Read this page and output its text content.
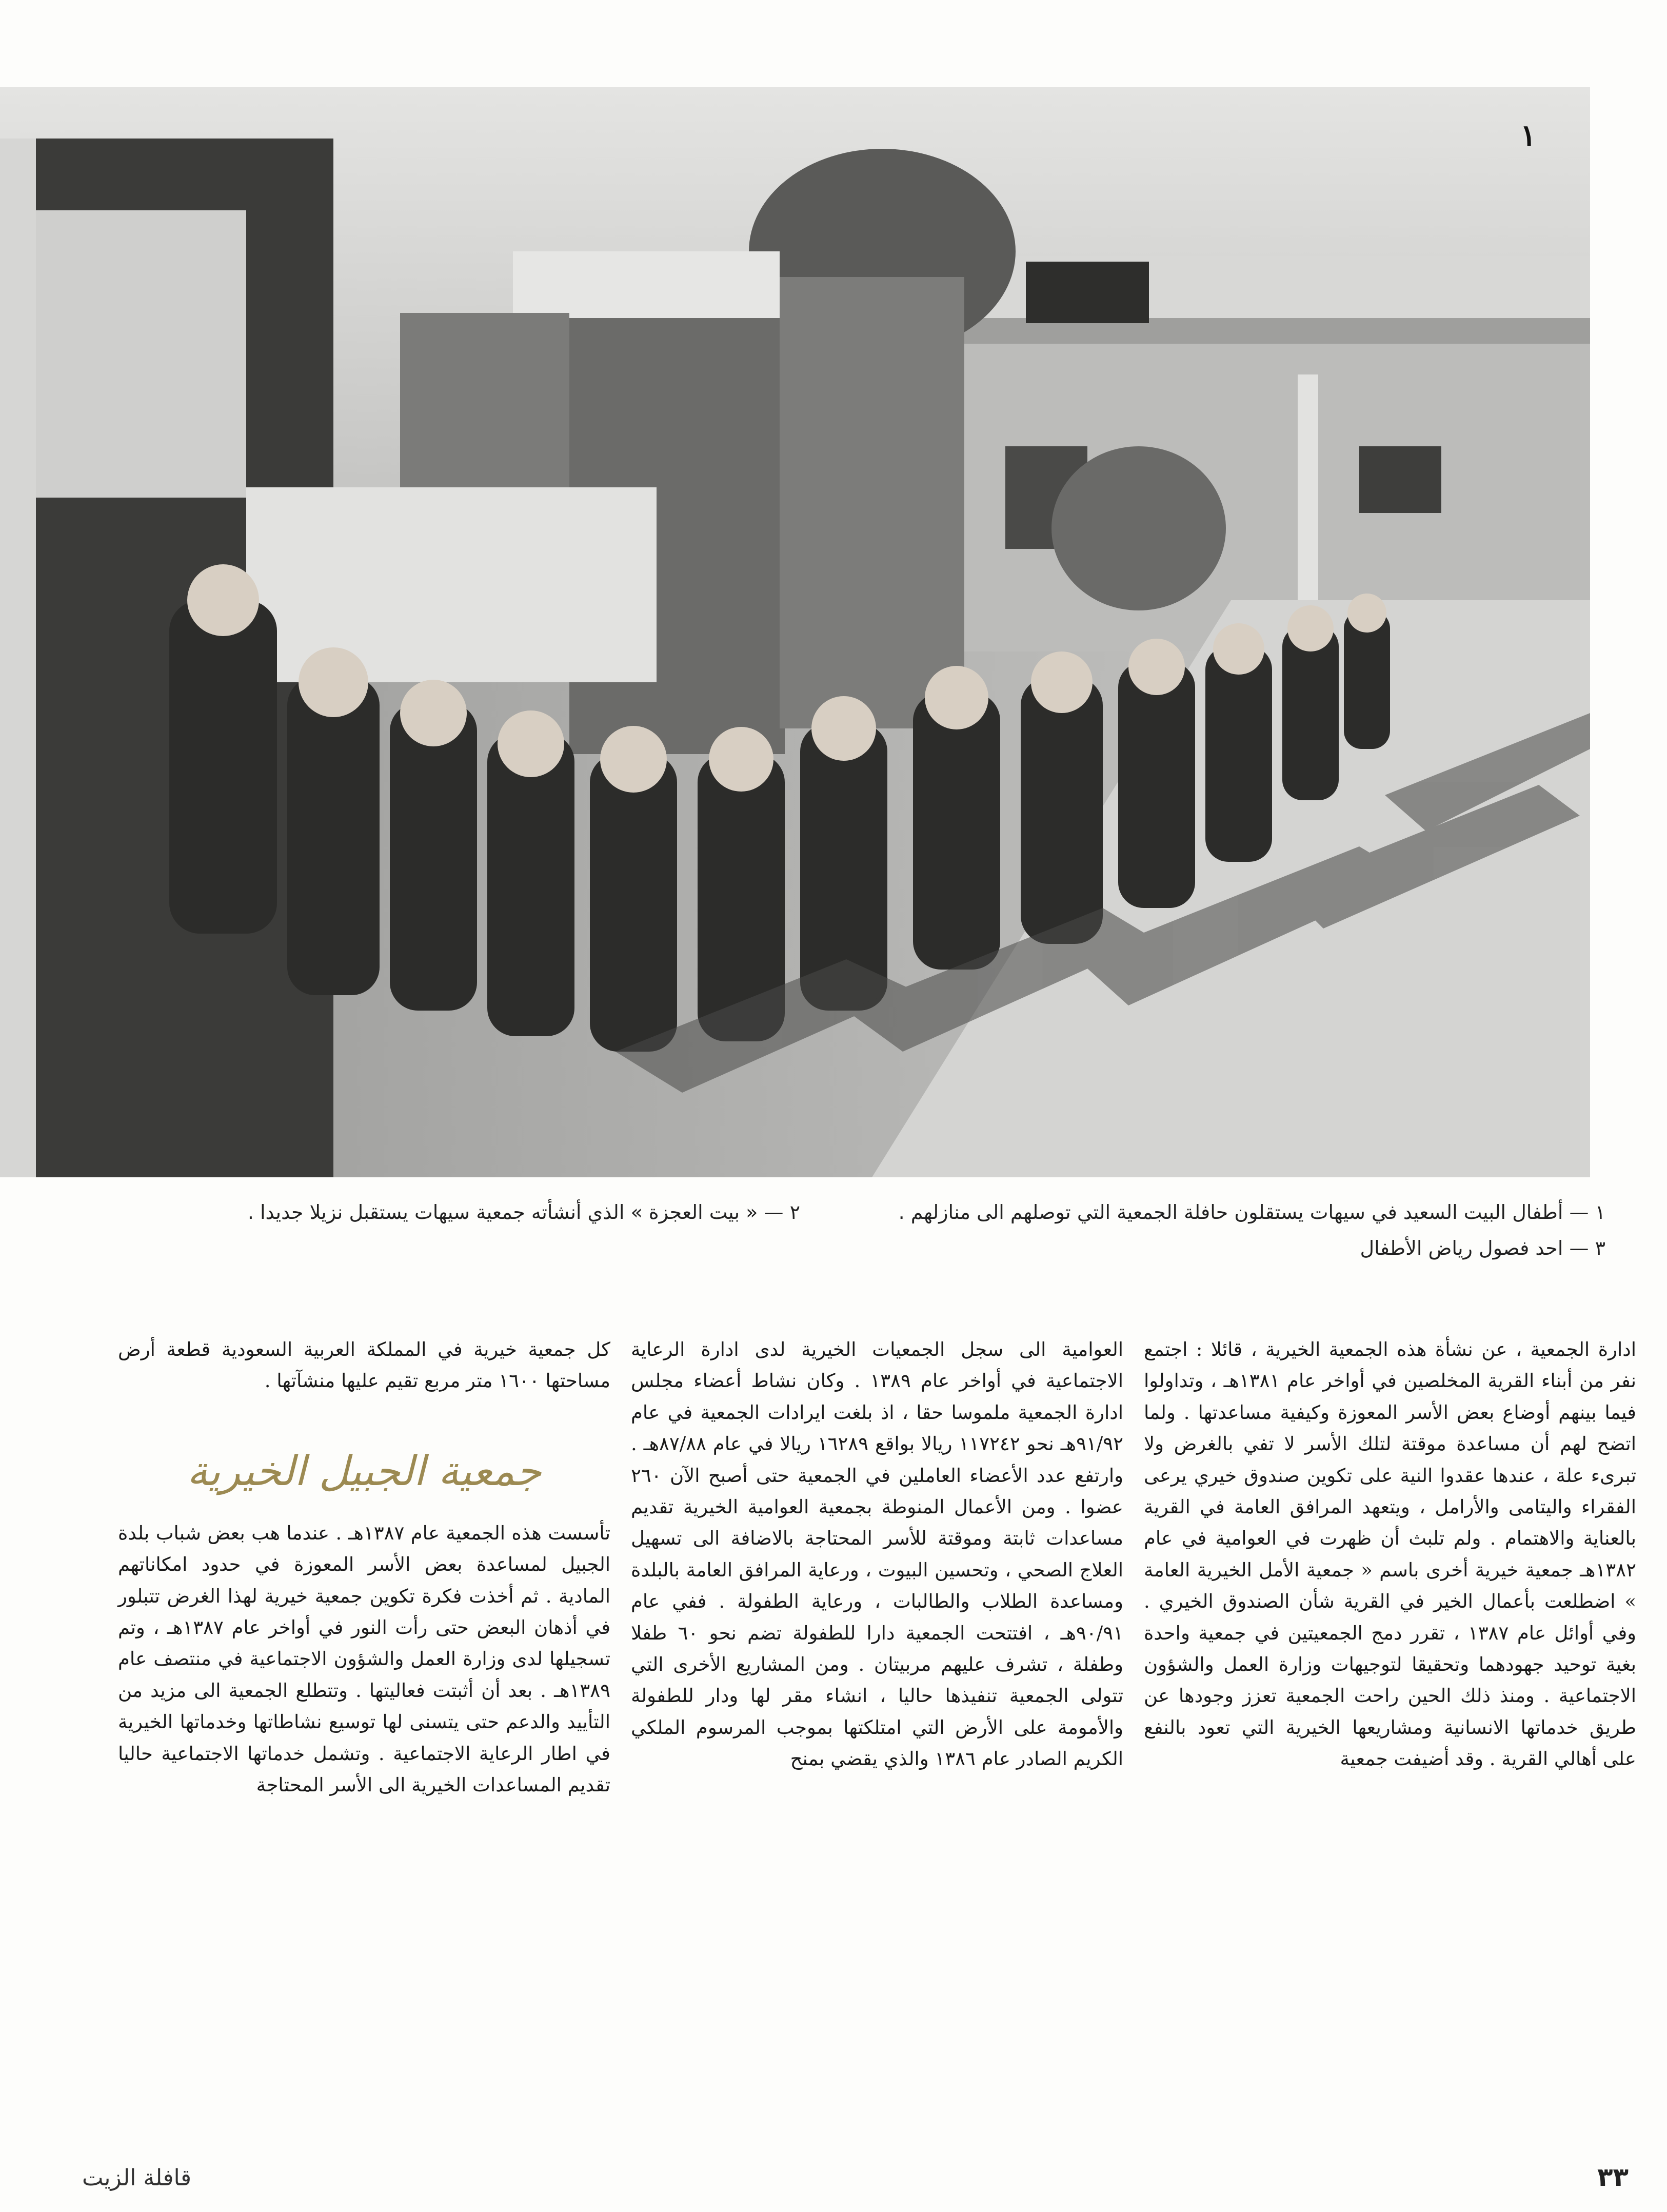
١
١ — أطفال البيت السعيد في سيهات يستقلون حافلة الجمعية التي توصلهم الى منازلهم .
٢ — « بيت العجزة » الذي أنشأته جمعية سيهات يستقبل نزيلا جديدا .
٣ — احد فصول رياض الأطفال

ادارة الجمعية ، عن نشأة هذه الجمعية الخيرية ، قائلا : اجتمع نفر من أبناء القرية المخلصين في أواخر عام ١٣٨١هـ ، وتداولوا فيما بينهم أوضاع بعض الأسر المعوزة وكيفية مساعدتها . ولما اتضح لهم أن مساعدة موقتة لتلك الأسر لا تفي بالغرض ولا تبرىء علة ، عندها عقدوا النية على تكوين صندوق خيري يرعى الفقراء واليتامى والأرامل ، ويتعهد المرافق العامة في القرية بالعناية والاهتمام . ولم تلبث أن ظهرت في العوامية في عام ١٣٨٢هـ جمعية خيرية أخرى باسم « جمعية الأمل الخيرية العامة » اضطلعت بأعمال الخير في القرية شأن الصندوق الخيري . وفي أوائل عام ١٣٨٧ ، تقرر دمج الجمعيتين في جمعية واحدة بغية توحيد جهودهما وتحقيقا لتوجيهات وزارة العمل والشؤون الاجتماعية . ومنذ ذلك الحين راحت الجمعية تعزز وجودها عن طريق خدماتها الانسانية ومشاريعها الخيرية التي تعود بالنفع على أهالي القرية . وقد أضيفت جمعية

العوامية الى سجل الجمعيات الخيرية لدى ادارة الرعاية الاجتماعية في أواخر عام ١٣٨٩ . وكان نشاط أعضاء مجلس ادارة الجمعية ملموسا حقا ، اذ بلغت ايرادات الجمعية في عام ٩١/٩٢هـ نحو ١١٧٢٤٢ ريالا بواقع ١٦٢٨٩ ريالا في عام ٨٧/٨٨هـ . وارتفع عدد الأعضاء العاملين في الجمعية حتى أصبح الآن ٢٦٠ عضوا . ومن الأعمال المنوطة بجمعية العوامية الخيرية تقديم مساعدات ثابتة وموقتة للأسر المحتاجة بالاضافة الى تسهيل العلاج الصحي ، وتحسين البيوت ، ورعاية المرافق العامة بالبلدة ومساعدة الطلاب والطالبات ، ورعاية الطفولة . ففي عام ٩٠/٩١هـ ، افتتحت الجمعية دارا للطفولة تضم نحو ٦٠ طفلا وطفلة ، تشرف عليهم مربيتان . ومن المشاريع الأخرى التي تتولى الجمعية تنفيذها حاليا ، انشاء مقر لها ودار للطفولة والأمومة على الأرض التي امتلكتها بموجب المرسوم الملكي الكريم الصادر عام ١٣٨٦ والذي يقضي بمنح

كل جمعية خيرية في المملكة العربية السعودية قطعة أرض مساحتها ١٦٠٠ متر مربع تقيم عليها منشآتها .

جمعية الجبيل الخيرية

تأسست هذه الجمعية عام ١٣٨٧هـ . عندما هب بعض شباب بلدة الجبيل لمساعدة بعض الأسر المعوزة في حدود امكاناتهم المادية . ثم أخذت فكرة تكوين جمعية خيرية لهذا الغرض تتبلور في أذهان البعض حتى رأت النور في أواخر عام ١٣٨٧هـ ، وتم تسجيلها لدى وزارة العمل والشؤون الاجتماعية في منتصف عام ١٣٨٩هـ . بعد أن أثبتت فعاليتها . وتتطلع الجمعية الى مزيد من التأييد والدعم حتى يتسنى لها توسيع نشاطاتها وخدماتها الخيرية في اطار الرعاية الاجتماعية . وتشمل خدماتها الاجتماعية حاليا تقديم المساعدات الخيرية الى الأسر المحتاجة

٣٣
قافلة الزيت
